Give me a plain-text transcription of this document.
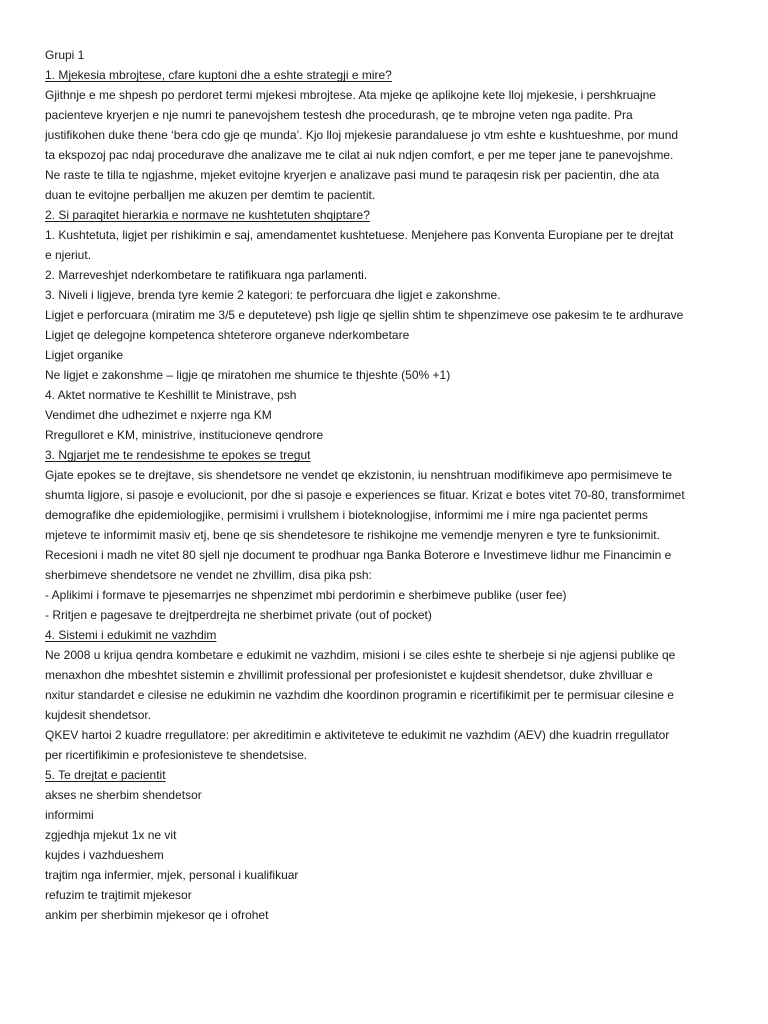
Grupi 1
1. Mjekesia mbrojtese, cfare kuptoni dhe a eshte strategji e mire?
Gjithnje e me shpesh po perdoret termi mjekesi mbrojtese. Ata mjeke qe aplikojne kete lloj mjekesie, i pershkruajne
pacienteve kryerjen e nje numri te panevojshem testesh dhe procedurash, qe te mbrojne veten nga padite. Pra
justifikohen duke thene ‘bera cdo gje qe munda’. Kjo lloj mjekesie parandaluese jo vtm eshte e kushtueshme, por mund
ta ekspozoj pac ndaj procedurave dhe analizave me te cilat ai nuk ndjen comfort, e per me teper jane te panevojshme.
Ne raste te tilla te ngjashme, mjeket evitojne kryerjen e analizave pasi mund te paraqesin risk per pacientin, dhe ata
duan te evitojne perballjen me akuzen per demtim te pacientit.
2. Si paraqitet hierarkia e normave ne kushtetuten shqiptare?
1. Kushtetuta, ligjet per rishikimin e saj, amendamentet kushtetuese. Menjehere pas Konventa Europiane per te drejtat
e njeriut.
2. Marreveshjet nderkombetare te ratifikuara nga parlamenti.
3. Niveli i ligjeve, brenda tyre kemie 2 kategori: te perforcuara dhe ligjet e zakonshme.
Ligjet e perforcuara (miratim me 3/5 e deputeteve) psh ligje qe sjellin shtim te shpenzimeve ose pakesim te te ardhurave
Ligjet qe delegojne kompetenca shteterore organeve nderkombetare
Ligjet organike
Ne ligjet e zakonshme – ligje qe miratohen me shumice te thjeshte (50% +1)
4. Aktet normative te Keshillit te Ministrave, psh
Vendimet dhe udhezimet e nxjerre nga KM
Rregulloret e KM, ministrive, institucioneve qendrore
3. Ngjarjet me te rendesishme te epokes se tregut
Gjate epokes se te drejtave, sis shendetsore ne vendet qe ekzistonin, iu nenshtruan modifikimeve apo permisimeve te
shumta ligjore, si pasoje e evolucionit, por dhe si pasoje e experiences se fituar. Krizat e botes vitet 70-80, transformimet
demografike dhe epidemiologjike, permisimi i vrullshem i bioteknologjise, informimi me i mire nga pacientet perms
mjeteve te informimit masiv etj, bene qe sis shendetesore te rishikojne me vemendje menyren e tyre te funksionimit.
Recesioni i madh ne vitet 80 sjell nje document te prodhuar nga Banka Boterore e Investimeve lidhur me Financimin e
sherbimeve shendetsore ne vendet ne zhvillim, disa pika psh:
- Aplikimi i formave te pjesemarrjes ne shpenzimet mbi perdorimin e sherbimeve publike (user fee)
- Rritjen e pagesave te drejtperdrejta ne sherbimet private (out of pocket)
4. Sistemi i edukimit ne vazhdim
Ne 2008 u krijua qendra kombetare e edukimit ne vazhdim, misioni i se ciles eshte te sherbeje si nje agjensi publike qe
menaxhon dhe mbeshtet sistemin e zhvillimit professional per profesionistet e kujdesit shendetsor, duke zhvilluar e
nxitur standardet e cilesise ne edukimin ne vazhdim dhe koordinon programin e ricertifikimit per te permisuar cilesine e
kujdesit shendetsor.
QKEV hartoi 2 kuadre rregullatore: per akreditimin e aktiviteteve te edukimit ne vazhdim (AEV) dhe kuadrin rregullator
per ricertifikimin e profesionisteve te shendetsise.
5. Te drejtat e pacientit
akses ne sherbim shendetsor
informimi
zgjedhja mjekut 1x ne vit
kujdes i vazhdueshem
trajtim nga infermier, mjek, personal i kualifikuar
refuzim te trajtimit mjekesor
ankim per sherbimin mjekesor qe i ofrohet
